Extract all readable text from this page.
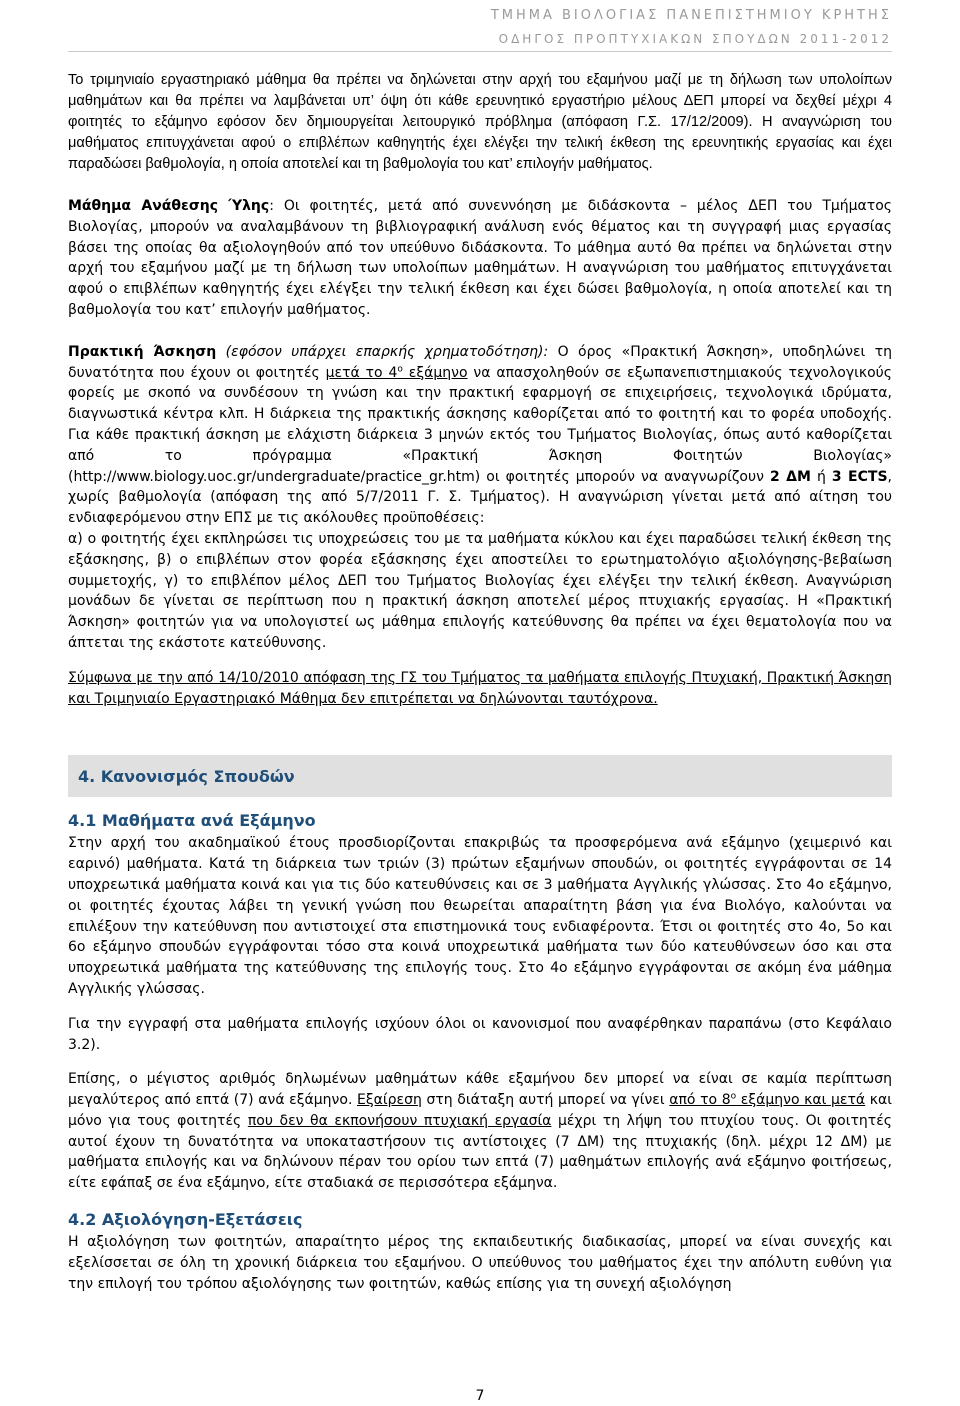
ΤΜΗΜΑ ΒΙΟΛΟΓΙΑΣ ΠΑΝΕΠΙΣΤΗΜΙΟΥ ΚΡΗΤΗΣ
ΟΔΗΓΟΣ ΠΡΟΠΤΥΧΙΑΚΩΝ ΣΠΟΥΔΩΝ 2011-2012

Το τριμηνιαίο εργαστηριακό μάθημα θα πρέπει να δηλώνεται στην αρχή του εξαμήνου μαζί με τη δήλωση των υπολοίπων μαθημάτων και θα πρέπει να λαμβάνεται υπ’ όψη ότι κάθε ερευνητικό εργαστήριο μέλους ΔΕΠ μπορεί να δεχθεί μέχρι 4 φοιτητές το εξάμηνο εφόσον δεν δημιουργείται λειτουργικό πρόβλημα (απόφαση Γ.Σ. 17/12/2009). Η αναγνώριση του μαθήματος επιτυγχάνεται αφού ο επιβλέπων καθηγητής έχει ελέγξει την τελική έκθεση της ερευνητικής εργασίας και έχει παραδώσει βαθμολογία, η οποία αποτελεί και τη βαθμολογία του κατ’ επιλογήν μαθήματος.

Μάθημα Ανάθεσης Ύλης: Οι φοιτητές, μετά από συνεννόηση με διδάσκοντα – μέλος ΔΕΠ του Τμήματος Βιολογίας, μπορούν να αναλαμβάνουν τη βιβλιογραφική ανάλυση ενός θέματος και τη συγγραφή μιας εργασίας βάσει της οποίας θα αξιολογηθούν από τον υπεύθυνο διδάσκοντα. Το μάθημα αυτό θα πρέπει να δηλώνεται στην αρχή του εξαμήνου μαζί με τη δήλωση των υπολοίπων μαθημάτων. Η αναγνώριση του μαθήματος επιτυγχάνεται αφού ο επιβλέπων καθηγητής έχει ελέγξει την τελική έκθεση και έχει δώσει βαθμολογία, η οποία αποτελεί και τη βαθμολογία του κατ’ επιλογήν μαθήματος.

Πρακτική Άσκηση (εφόσον υπάρχει επαρκής χρηματοδότηση): Ο όρος «Πρακτική Άσκηση», υποδηλώνει τη δυνατότητα που έχουν οι φοιτητές μετά το $4^o$ εξάμηνο να απασχοληθούν σε εξωπανεπιστημιακούς τεχνολογικούς φορείς με σκοπό να συνδέσουν τη γνώση και την πρακτική εφαρμογή σε επιχειρήσεις, τεχνολογικά ιδρύματα, διαγνωστικά κέντρα κλπ. Η διάρκεια της πρακτικής άσκησης καθορίζεται από το φοιτητή και το φορέα υποδοχής. Για κάθε πρακτική άσκηση με ελάχιστη διάρκεια 3 μηνών εκτός του Τμήματος Βιολογίας, όπως αυτό καθορίζεται από το πρόγραμμα «Πρακτική Άσκηση Φοιτητών Βιολογίας» (http://www.biology.uoc.gr/undergraduate/practice_gr.htm) οι φοιτητές μπορούν να αναγνωρίζουν 2 ΔΜ ή 3 ECTS, χωρίς βαθμολογία (απόφαση της από 5/7/2011 Γ. Σ. Τμήματος). Η αναγνώριση γίνεται μετά από αίτηση του ενδιαφερόμενου στην ΕΠΣ με τις ακόλουθες προϋποθέσεις:

α) ο φοιτητής έχει εκπληρώσει τις υποχρεώσεις του με τα μαθήματα κύκλου και έχει παραδώσει τελική έκθεση της εξάσκησης, β) ο επιβλέπων στον φορέα εξάσκησης έχει αποστείλει το ερωτηματολόγιο αξιολόγησης-βεβαίωση συμμετοχής, γ) το επιβλέπον μέλος ΔΕΠ του Τμήματος Βιολογίας έχει ελέγξει την τελική έκθεση. Αναγνώριση μονάδων δε γίνεται σε περίπτωση που η πρακτική άσκηση αποτελεί μέρος πτυχιακής εργασίας. Η «Πρακτική Άσκηση» φοιτητών για να υπολογιστεί ως μάθημα επιλογής κατεύθυνσης θα πρέπει να έχει θεματολογία που να άπτεται της εκάστοτε κατεύθυνσης.

Σύμφωνα με την από 14/10/2010 απόφαση της ΓΣ του Τμήματος τα μαθήματα επιλογής Πτυχιακή, Πρακτική Άσκηση και Τριμηνιαίο Εργαστηριακό Μάθημα δεν επιτρέπεται να δηλώνονται ταυτόχρονα.

4. Κανονισμός Σπουδών
4.1 Μαθήματα ανά Εξάμηνο

Στην αρχή του ακαδημαϊκού έτους προσδιορίζονται επακριβώς τα προσφερόμενα ανά εξάμηνο (χειμερινό και εαρινό) μαθήματα. Κατά τη διάρκεια των τριών (3) πρώτων εξαμήνων σπουδών, οι φοιτητές εγγράφονται σε 14 υποχρεωτικά μαθήματα κοινά και για τις δύο κατευθύνσεις και σε 3 μαθήματα Αγγλικής γλώσσας. Στο 4ο εξάμηνο, οι φοιτητές έχουτας λάβει τη γενική γνώση που θεωρείται απαραίτητη βάση για ένα Βιολόγο, καλούνται να επιλέξουν την κατεύθυνση που αντιστοιχεί στα επιστημονικά τους ενδιαφέροντα. Έτσι οι φοιτητές στο 4ο, 5ο και 6ο εξάμηνο σπουδών εγγράφονται τόσο στα κοινά υποχρεωτικά μαθήματα των δύο κατευθύνσεων όσο και στα υποχρεωτικά μαθήματα της κατεύθυνσης της επιλογής τους. Στο 4ο εξάμηνο εγγράφονται σε ακόμη ένα μάθημα Αγγλικής γλώσσας.

Για την εγγραφή στα μαθήματα επιλογής ισχύουν όλοι οι κανονισμοί που αναφέρθηκαν παραπάνω (στο Κεφάλαιο 3.2).

Επίσης, ο μέγιστος αριθμός δηλωμένων μαθημάτων κάθε εξαμήνου δεν μπορεί να είναι σε καμία περίπτωση μεγαλύτερος από επτά (7) ανά εξάμηνο. Εξαίρεση στη διάταξη αυτή μπορεί να γίνει από το $8^o$ εξάμηνο και μετά και μόνο για τους φοιτητές που δεν θα εκπονήσουν πτυχιακή εργασία μέχρι τη λήψη του πτυχίου τους. Οι φοιτητές αυτοί έχουν τη δυνατότητα να υποκαταστήσουν τις αντίστοιχες (7 ΔΜ) της πτυχιακής (δηλ. μέχρι 12 ΔΜ) με μαθήματα επιλογής και να δηλώνουν πέραν του ορίου των επτά (7) μαθημάτων επιλογής ανά εξάμηνο φοιτήσεως, είτε εφάπαξ σε ένα εξάμηνο, είτε σταδιακά σε περισσότερα εξάμηνα.

4.2 Αξιολόγηση-Εξετάσεις

Η αξιολόγηση των φοιτητών, απαραίτητο μέρος της εκπαιδευτικής διαδικασίας, μπορεί να είναι συνεχής και εξελίσσεται σε όλη τη χρονική διάρκεια του εξαμήνου. Ο υπεύθυνος του μαθήματος έχει την απόλυτη ευθύνη για την επιλογή του τρόπου αξιολόγησης των φοιτητών, καθώς επίσης για τη συνεχή αξιολόγηση

7
